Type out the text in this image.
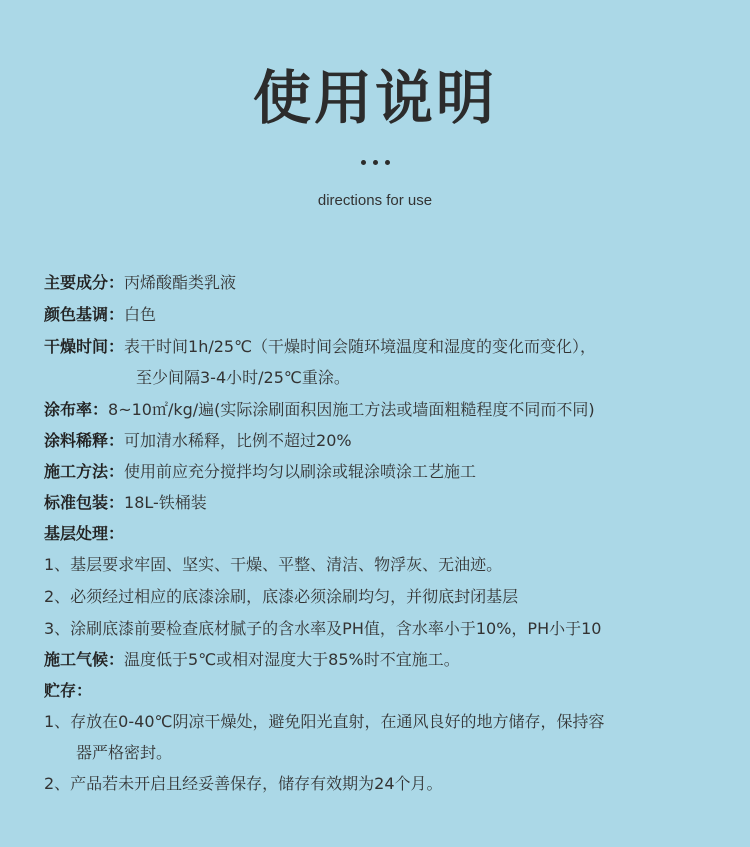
使用说明
directions for use
主要成分：丙烯酸酯类乳液
颜色基调：白色
干燥时间：表干时间1h/25℃（干燥时间会随环境温度和湿度的变化而变化），
至少间隔3-4小时/25℃重涂。
涂布率：8~10㎡/kg/遍(实际涂刷面积因施工方法或墙面粗糙程度不同而不同)
涂料稀释：可加清水稀释，比例不超过20%
施工方法：使用前应充分搅拌均匀以刷涂或辊涂喷涂工艺施工
标准包装：18L-铁桶装
基层处理：
1、基层要求牢固、坚实、干燥、平整、清洁、物浮灰、无油迹。
2、必须经过相应的底漆涂刷，底漆必须涂刷均匀，并彻底封闭基层
3、涂刷底漆前要检查底材腻子的含水率及PH值，含水率小于10%，PH小于10
施工气候：温度低于5℃或相对湿度大于85%时不宜施工。
贮存：
1、存放在0-40℃阴凉干燥处，避免阳光直射，在通风良好的地方储存，保持容
器严格密封。
2、产品若未开启且经妥善保存，储存有效期为24个月。
